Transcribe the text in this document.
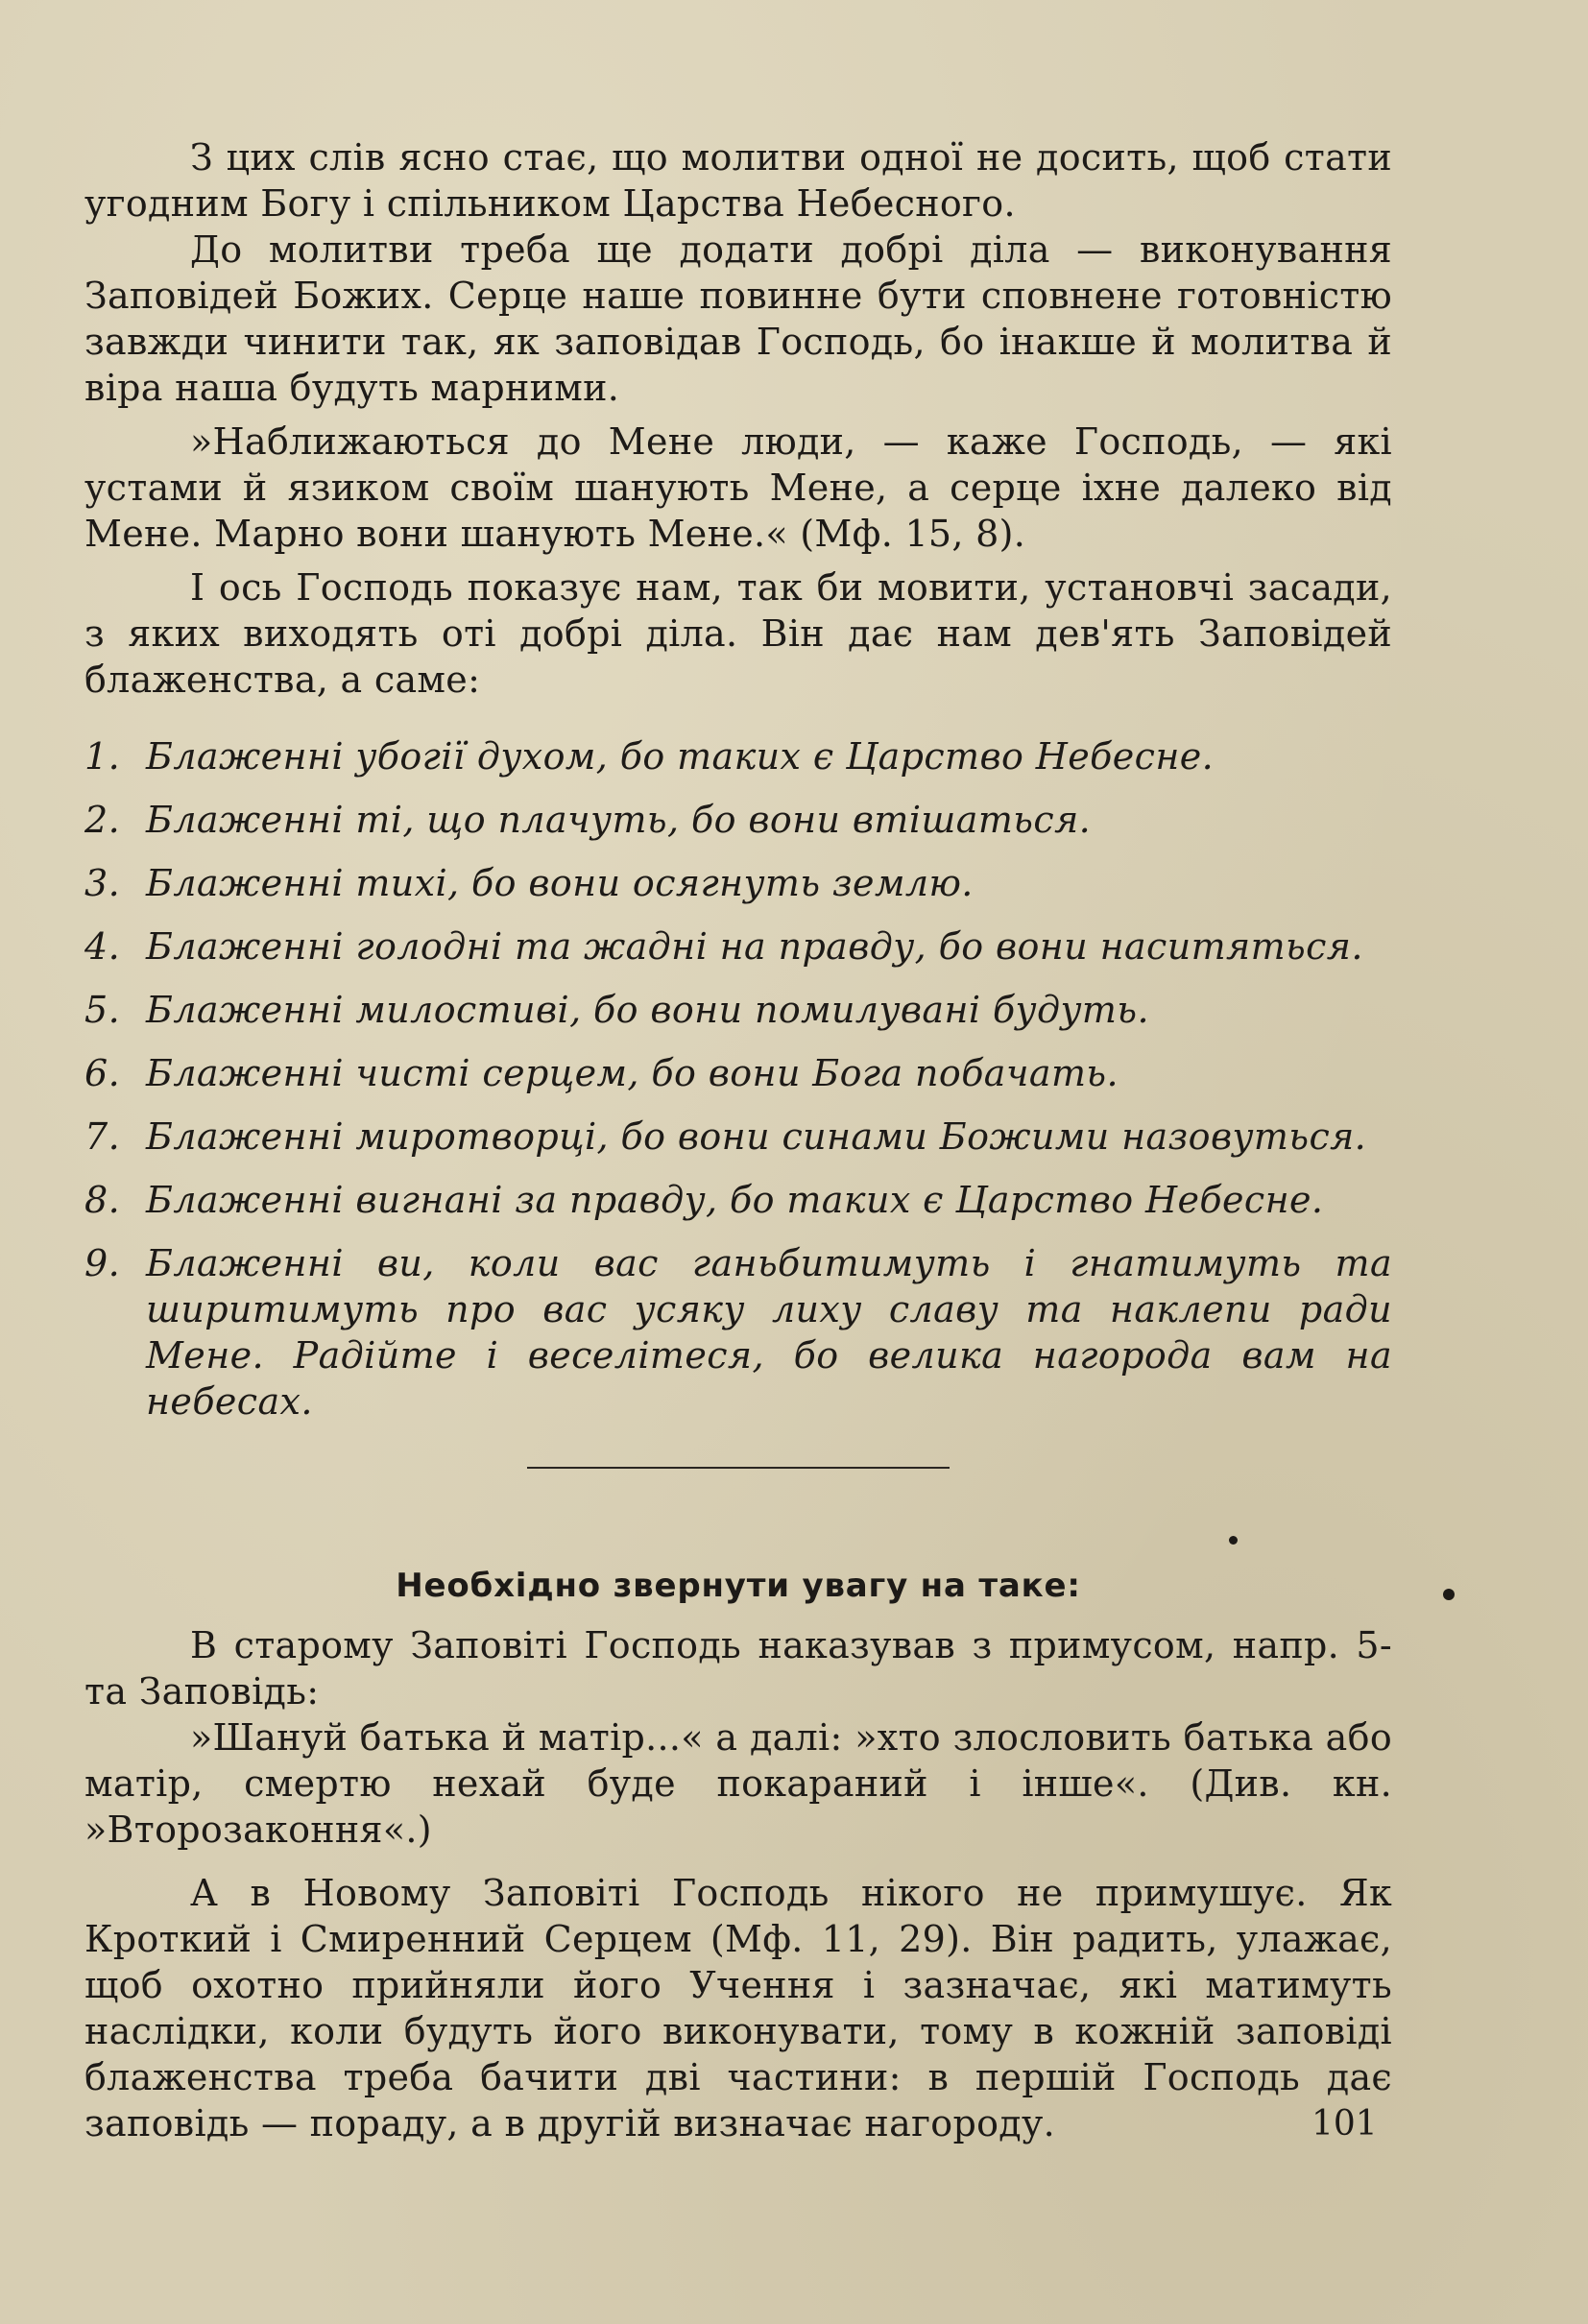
З цих слів ясно стає, що молитви одної не досить, щоб стати угодним Богу і спільником Царства Небесного.

До молитви треба ще додати добрі діла — виконування Заповідей Божих. Серце наше повинне бути сповнене готовністю завжди чинити так, як заповідав Господь, бо інакше й молитва й віра наша будуть марними.

»Наближаються до Мене люди, — каже Господь, — які устами й язиком своїм шанують Мене, а серце іхне далеко від Мене. Марно вони шанують Мене.« (Мф. 15, 8).

І ось Господь показує нам, так би мовити, установчі засади, з яких виходять оті добрі діла. Він дає нам дев'ять Заповідей блаженства, а саме:

1. Блаженні убогії духом, бо таких є Царство Небесне.
2. Блаженні ті, що плачуть, бо вони втішаться.
3. Блаженні тихі, бо вони осягнуть землю.
4. Блаженні голодні та жадні на правду, бо вони наситяться.
5. Блаженні милостиві, бо вони помилувані будуть.
6. Блаженні чисті серцем, бо вони Бога побачать.
7. Блаженні миротворці, бо вони синами Божими назовуться.
8. Блаженні вигнані за правду, бо таких є Царство Небесне.
9. Блаженні ви, коли вас ганьбитимуть і гнатимуть та ширитимуть про вас усяку лиху славу та наклепи ради Мене. Радійте і веселітеся, бо велика нагорода вам на небесах.
Необхідно звернути увагу на таке:

В старому Заповіті Господь наказував з примусом, напр. 5-та Заповідь:

»Шануй батька й матір...« а далі: »хто злословить батька або матір, смертю нехай буде покараний і інше«. (Див. кн. »Второзаконня«.)

А в Новому Заповіті Господь нікого не примушує. Як Кроткий і Смиренний Серцем (Мф. 11, 29). Він радить, улажає, щоб охотно прийняли його Учення і зазначає, які матимуть наслідки, коли будуть його виконувати, тому в кожній заповіді блаженства треба бачити дві частини: в першій Господь дає заповідь — пораду, а в другій визначає нагороду.	101
